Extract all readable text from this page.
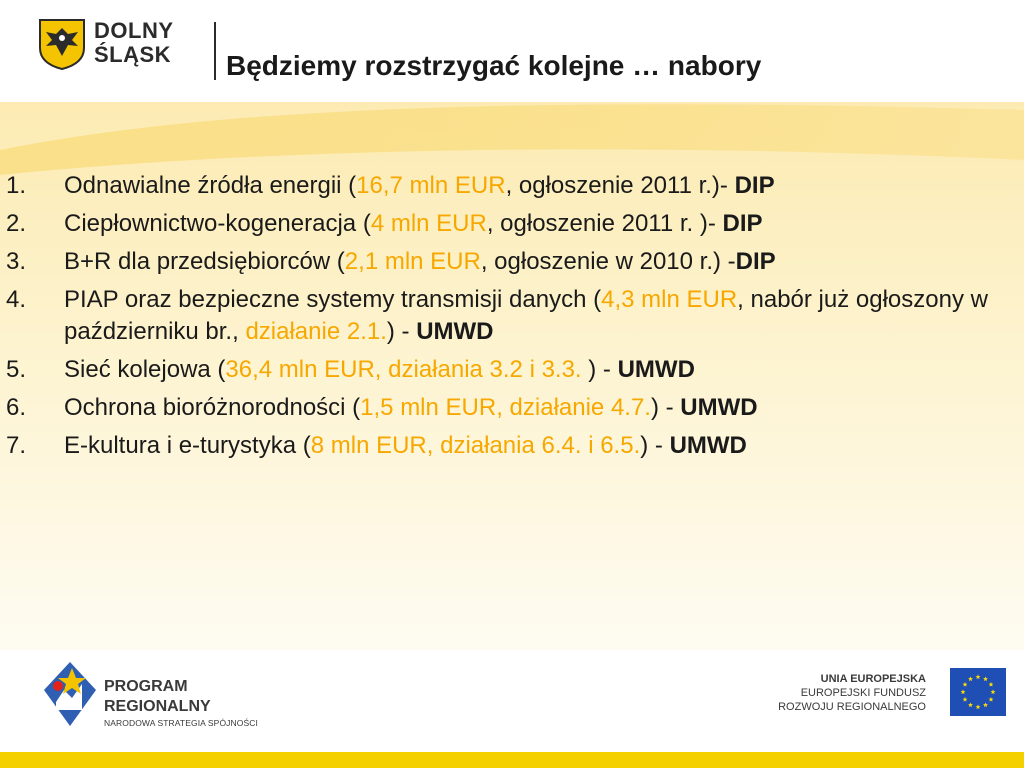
DOLNY
ŚLĄSK Będziemy rozstrzygać kolejne … nabory
1. Odnawialne źródła energii (16,7 mln EUR, ogłoszenie 2011 r.)- DIP
2. Ciepłownictwo-kogeneracja (4 mln EUR, ogłoszenie 2011 r. )- DIP
3. B+R dla przedsiębiorców (2,1 mln EUR, ogłoszenie w 2010 r.) -DIP
4. PIAP oraz bezpieczne systemy transmisji danych (4,3 mln EUR, nabór już ogłoszony w październiku br., działanie 2.1.) - UMWD
5. Sieć kolejowa (36,4 mln EUR, działania 3.2 i 3.3. ) - UMWD
6. Ochrona bioróżnorodności (1,5 mln EUR, działanie 4.7.) - UMWD
7. E-kultura i e-turystyka (8 mln EUR, działania 6.4. i 6.5.) - UMWD
PROGRAM
REGIONALNY
NARODOWA STRATEGIA SPÓJNOŚCI
UNIA EUROPEJSKA
EUROPEJSKI FUNDUSZ
ROZWOJU REGIONALNEGO
